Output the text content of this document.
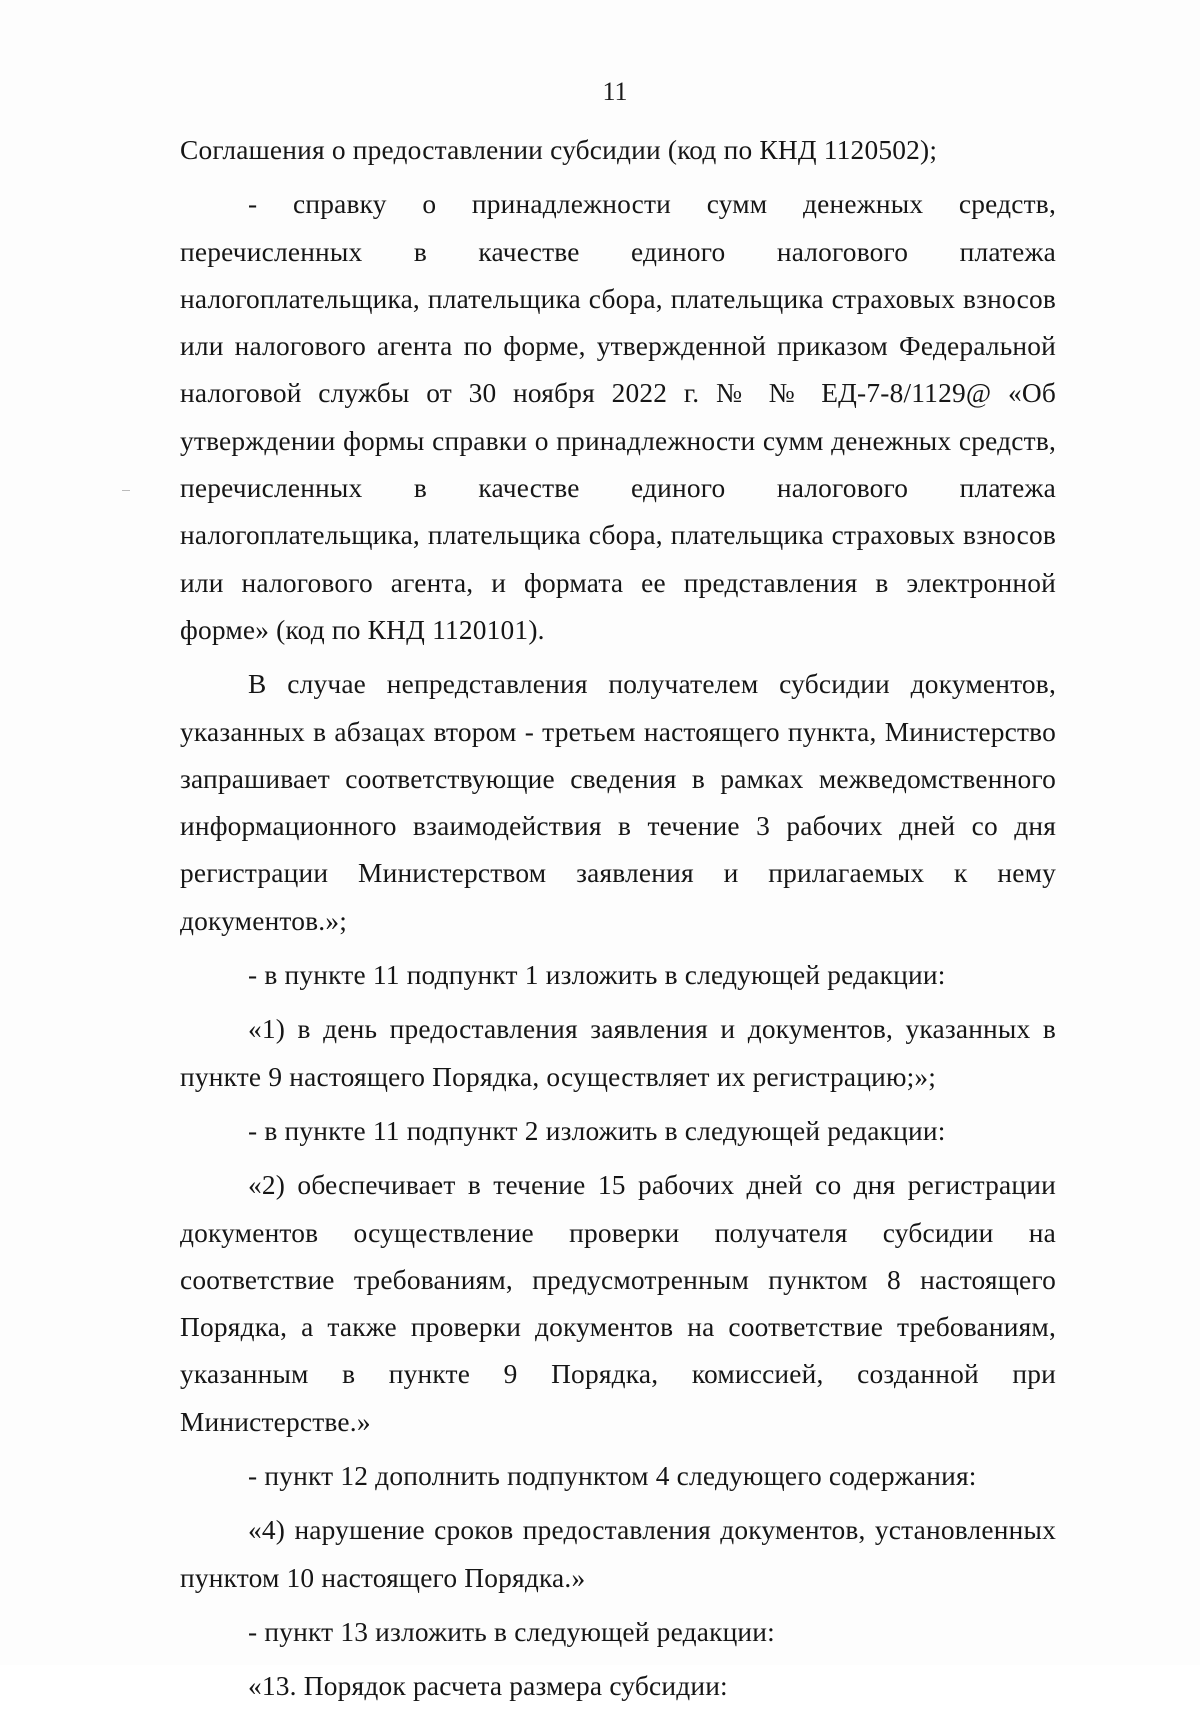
11

Соглашения о предоставлении субсидии (код по КНД 1120502);

- справку о принадлежности сумм денежных средств, перечисленных в качестве единого налогового платежа налогоплательщика, плательщика сбора, плательщика страховых взносов или налогового агента по форме, утвержденной приказом Федеральной налоговой службы от 30 ноября 2022 г. № № ЕД-7-8/1129@ «Об утверждении формы справки о принадлежности сумм денежных средств, перечисленных в качестве единого налогового платежа налогоплательщика, плательщика сбора, плательщика страховых взносов или налогового агента, и формата ее представления в электронной форме» (код по КНД 1120101).

В случае непредставления получателем субсидии документов, указанных в абзацах втором - третьем настоящего пункта, Министерство запрашивает соответствующие сведения в рамках межведомственного информационного взаимодействия в течение 3 рабочих дней со дня регистрации Министерством заявления и прилагаемых к нему документов.»;

- в пункте 11 подпункт 1 изложить в следующей редакции:

«1) в день предоставления заявления и документов, указанных в пункте 9 настоящего Порядка, осуществляет их регистрацию;»;

- в пункте 11 подпункт 2 изложить в следующей редакции:

«2) обеспечивает в течение 15 рабочих дней со дня регистрации документов осуществление проверки получателя субсидии на соответствие требованиям, предусмотренным пунктом 8 настоящего Порядка, а также проверки документов на соответствие требованиям, указанным в пункте 9 Порядка, комиссией, созданной при Министерстве.»

- пункт 12 дополнить подпунктом 4 следующего содержания:

«4) нарушение сроков предоставления документов, установленных пунктом 10 настоящего Порядка.»

- пункт 13 изложить в следующей редакции:

«13. Порядок расчета размера субсидии:
